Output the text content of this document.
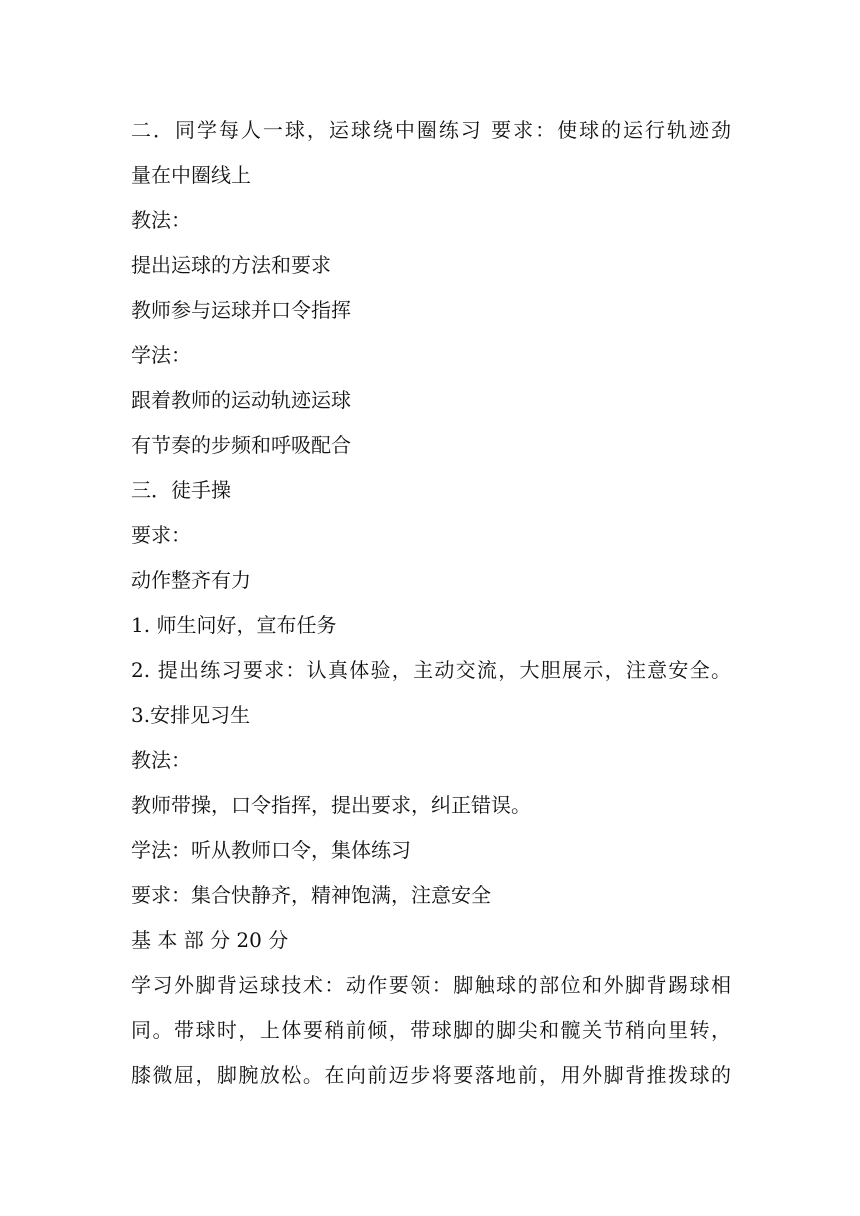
二．同学每人一球，运球绕中圈练习 要求：使球的运行轨迹劲
量在中圈线上
教法：
提出运球的方法和要求
教师参与运球并口令指挥
学法：
跟着教师的运动轨迹运球
有节奏的步频和呼吸配合
三．徒手操
要求：
动作整齐有力
1. 师生问好，宣布任务
2. 提出练习要求：认真体验，主动交流，大胆展示，注意安全。
3.安排见习生
教法：
教师带操，口令指挥，提出要求，纠正错误。
学法：听从教师口令，集体练习
要求：集合快静齐，精神饱满，注意安全
基 本 部 分 20 分
学习外脚背运球技术：动作要领：脚触球的部位和外脚背踢球相
同。带球时，上体要稍前倾，带球脚的脚尖和髋关节稍向里转，
膝微屈，脚腕放松。在向前迈步将要落地前，用外脚背推拨球的
